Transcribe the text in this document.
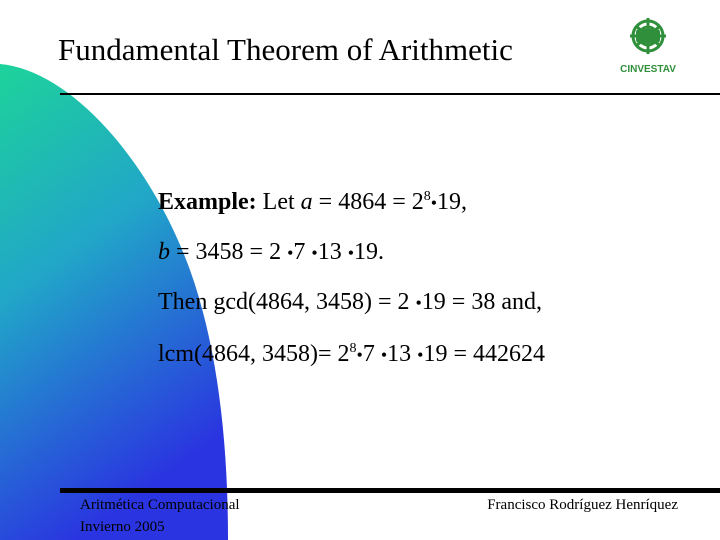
Fundamental Theorem of Arithmetic
CINVESTAV
Example: Let $a = 4864 = 2^8•19$,
b = 3458 = 2 •7 •13 •19.
Then gcd(4864, 3458) = 2 •19 = 38 and,
lcm(4864, $3458)= 2^8•7$ •13 •19 = 442624
Aritmética Computacional
Invierno 2005
Francisco Rodríguez Henríquez
